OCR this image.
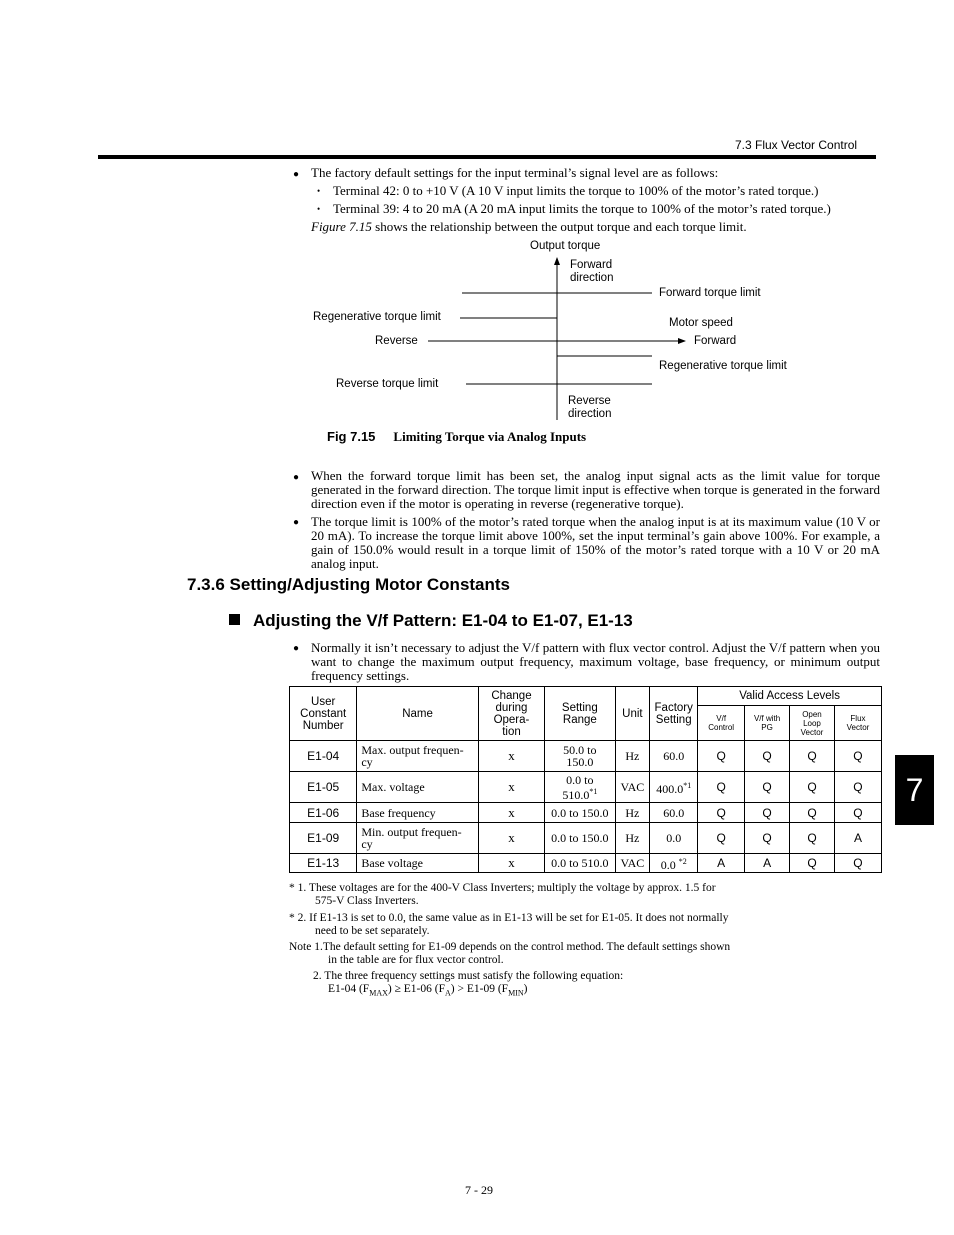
7.3 Flux Vector Control
● The factory default settings for the input terminal’s signal level are as follows:
• Terminal 42: 0 to +10 V (A 10 V input limits the torque to 100% of the motor’s rated torque.)
• Terminal 39: 4 to 20 mA (A 20 mA input limits the torque to 100% of the motor’s rated torque.)
Figure 7.15 shows the relationship between the output torque and each torque limit.
Output torque
Forward
direction
Forward torque limit
Regenerative torque limit	Motor speed
Reverse	Forward
Regenerative torque limit
Reverse torque limit
Reverse
direction
Fig 7.15 Limiting Torque via Analog Inputs
● When the forward torque limit has been set, the analog input signal acts as the limit value for torque generated in the forward direction. The torque limit input is effective when torque is generated in the forward direction even if the motor is operating in reverse (regenerative torque).
● The torque limit is 100% of the motor’s rated torque when the analog input is at its maximum value (10 V or 20 mA). To increase the torque limit above 100%, set the input terminal’s gain above 100%. For example, a gain of 150.0% would result in a torque limit of 150% of the motor’s rated torque with a 10 V or 20 mA analog input.
7.3.6 Setting/Adjusting Motor Constants
Adjusting the V/f Pattern: E1-04 to E1-07, E1-13
● Normally it isn’t necessary to adjust the V/f pattern with flux vector control. Adjust the V/f pattern when you want to change the maximum output frequency, maximum voltage, base frequency, or minimum output frequency settings.
User
Constant
Number	Name	Change
during
Opera-
tion	Setting
Range	Unit	Factory
Setting	Valid Access Levels			
						V/f
Control	V/f with
PG	Open
Loop
Vector	Flux
Vector
E1-04	Max. output frequen-
cy	x	50.0 to
150.0	Hz	60.0	Q	Q	Q	Q
E1-05	Max. voltage	x	0.0 to
510.0$^{*1}$	VAC	400.0$^{*1}$	Q	Q	Q	Q
E1-06	Base frequency	x	0.0 to 150.0	Hz	60.0	Q	Q	Q	Q
E1-09	Min. output frequen-
cy	x	0.0 to 150.0	Hz	0.0	Q	Q	Q	A
E1-13	Base voltage	x	0.0 to 510.0	VAC	0.0 $^{*2}$	A	A	Q	Q
* 1. These voltages are for the 400-V Class Inverters; multiply the voltage by approx. 1.5 for
575-V Class Inverters.
* 2. If E1-13 is set to 0.0, the same value as in E1-13 will be set for E1-05. It does not normally
need to be set separately.
Note 1.The default setting for E1-09 depends on the control method. The default settings shown
in the table are for flux vector control.
2. The three frequency settings must satisfy the following equation:
E1-04 $(F_{MAX}) \ge E1-06$ $(F_A) > E1-09$ $(F_{MIN})$
7
7 - 29
